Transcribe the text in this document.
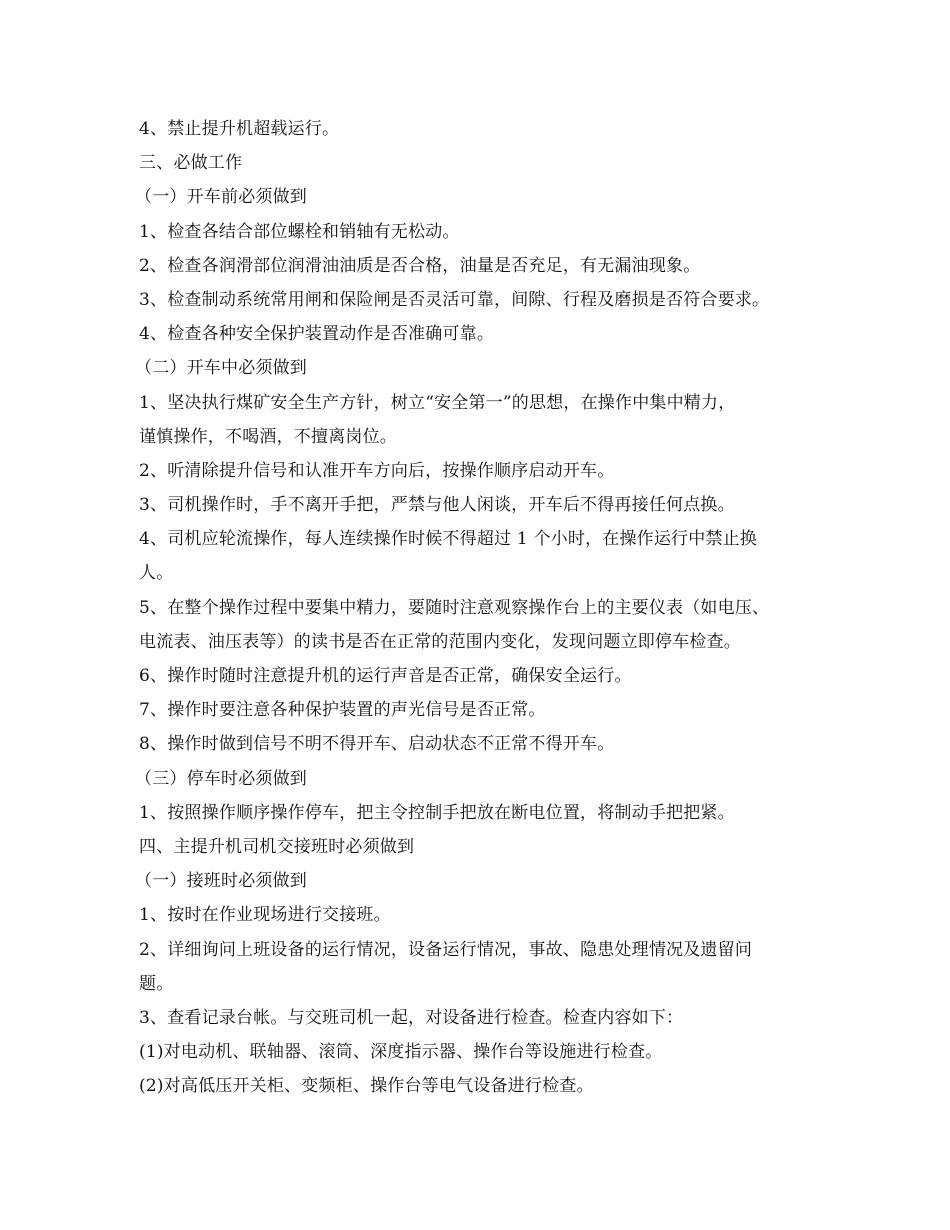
4、禁止提升机超载运行。

三、必做工作

（一）开车前必须做到

1、检查各结合部位螺栓和销轴有无松动。

2、检查各润滑部位润滑油油质是否合格，油量是否充足，有无漏油现象。

3、检查制动系统常用闸和保险闸是否灵活可靠，间隙、行程及磨损是否符合要求。

4、检查各种安全保护装置动作是否准确可靠。

（二）开车中必须做到

1、坚决执行煤矿安全生产方针，树立“安全第一”的思想，在操作中集中精力，

谨慎操作，不喝酒，不擅离岗位。

2、听清除提升信号和认准开车方向后，按操作顺序启动开车。

3、司机操作时，手不离开手把，严禁与他人闲谈，开车后不得再接任何点换。

4、司机应轮流操作，每人连续操作时候不得超过 1 个小时，在操作运行中禁止换

人。

5、在整个操作过程中要集中精力，要随时注意观察操作台上的主要仪表（如电压、

电流表、油压表等）的读书是否在正常的范围内变化，发现问题立即停车检查。

6、操作时随时注意提升机的运行声音是否正常，确保安全运行。

7、操作时要注意各种保护装置的声光信号是否正常。

8、操作时做到信号不明不得开车、启动状态不正常不得开车。

（三）停车时必须做到

1、按照操作顺序操作停车，把主令控制手把放在断电位置，将制动手把把紧。

四、主提升机司机交接班时必须做到

（一）接班时必须做到

1、按时在作业现场进行交接班。

2、详细询问上班设备的运行情况，设备运行情况，事故、隐患处理情况及遗留问

题。

3、查看记录台帐。与交班司机一起，对设备进行检查。检查内容如下：

(1)对电动机、联轴器、滚筒、深度指示器、操作台等设施进行检查。

(2)对高低压开关柜、变频柜、操作台等电气设备进行检查。
